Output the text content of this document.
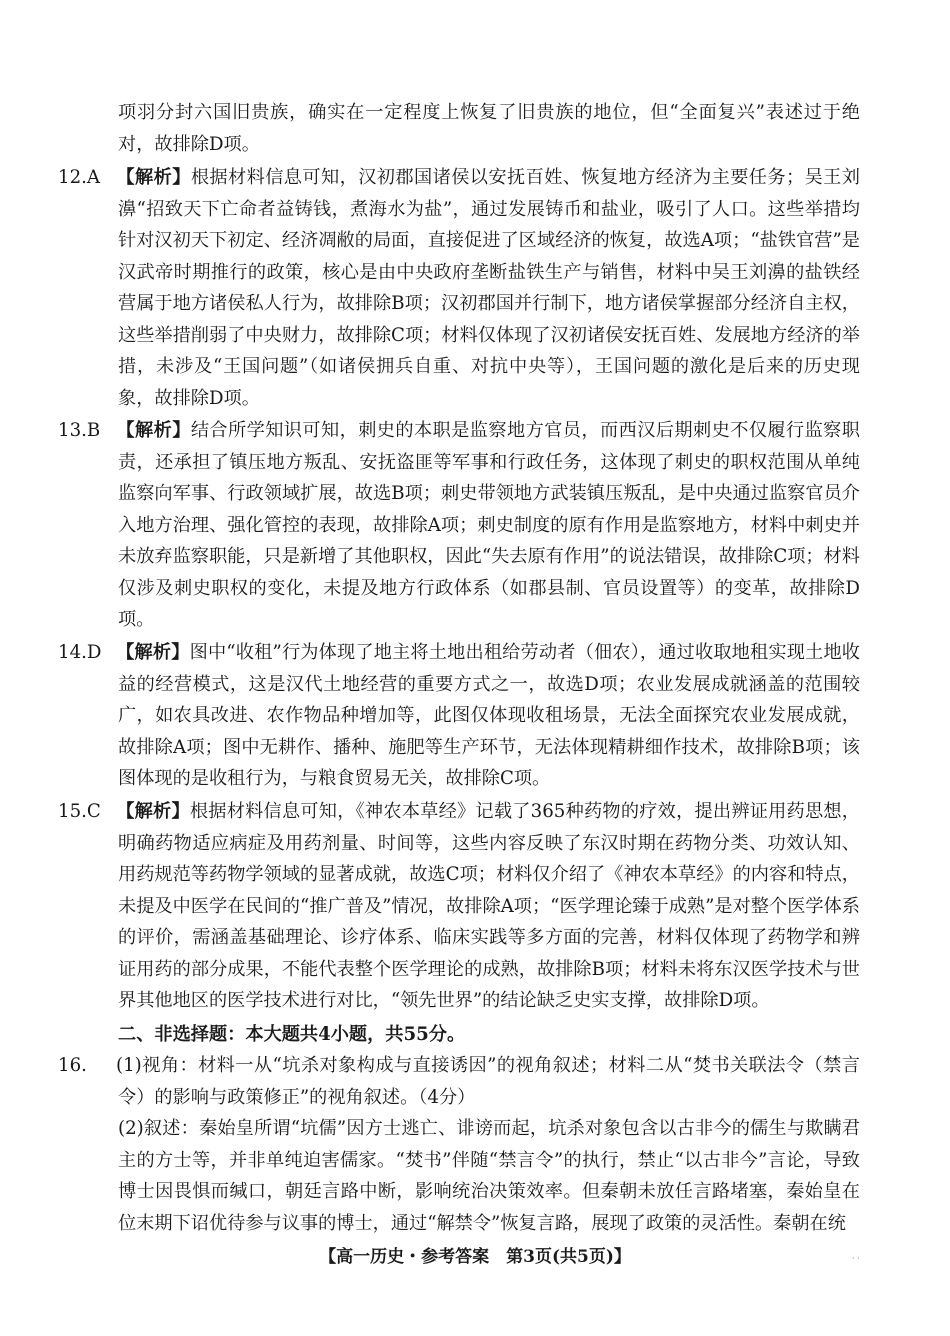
项羽分封六国旧贵族，确实在一定程度上恢复了旧贵族的地位，但“全面复兴”表述过于绝对，故排除D项。

12.A 【解析】根据材料信息可知，汉初郡国诸侯以安抚百姓、恢复地方经济为主要任务；吴王刘濞“招致天下亡命者益铸钱，煮海水为盐”，通过发展铸币和盐业，吸引了人口。这些举措均针对汉初天下初定、经济凋敝的局面，直接促进了区域经济的恢复，故选A项；“盐铁官营”是汉武帝时期推行的政策，核心是由中央政府垄断盐铁生产与销售，材料中吴王刘濞的盐铁经营属于地方诸侯私人行为，故排除B项；汉初郡国并行制下，地方诸侯掌握部分经济自主权，这些举措削弱了中央财力，故排除C项；材料仅体现了汉初诸侯安抚百姓、发展地方经济的举措，未涉及“王国问题”（如诸侯拥兵自重、对抗中央等），王国问题的激化是后来的历史现象，故排除D项。
13.B 【解析】结合所学知识可知，刺史的本职是监察地方官员，而西汉后期刺史不仅履行监察职责，还承担了镇压地方叛乱、安抚盗匪等军事和行政任务，这体现了刺史的职权范围从单纯监察向军事、行政领域扩展，故选B项；刺史带领地方武装镇压叛乱，是中央通过监察官员介入地方治理、强化管控的表现，故排除A项；刺史制度的原有作用是监察地方，材料中刺史并未放弃监察职能，只是新增了其他职权，因此“失去原有作用”的说法错误，故排除C项；材料仅涉及刺史职权的变化，未提及地方行政体系（如郡县制、官员设置等）的变革，故排除D项。
14.D 【解析】图中“收租”行为体现了地主将土地出租给劳动者（佃农），通过收取地租实现土地收益的经营模式，这是汉代土地经营的重要方式之一，故选D项；农业发展成就涵盖的范围较广，如农具改进、农作物品种增加等，此图仅体现收租场景，无法全面探究农业发展成就，故排除A项；图中无耕作、播种、施肥等生产环节，无法体现精耕细作技术，故排除B项；该图体现的是收租行为，与粮食贸易无关，故排除C项。
15.C 【解析】根据材料信息可知，《神农本草经》记载了365种药物的疗效，提出辨证用药思想，明确药物适应病症及用药剂量、时间等，这些内容反映了东汉时期在药物分类、功效认知、用药规范等药物学领域的显著成就，故选C项；材料仅介绍了《神农本草经》的内容和特点，未提及中医学在民间的“推广普及”情况，故排除A项；“医学理论臻于成熟”是对整个医学体系的评价，需涵盖基础理论、诊疗体系、临床实践等多方面的完善，材料仅体现了药物学和辨证用药的部分成果，不能代表整个医学理论的成熟，故排除B项；材料未将东汉医学技术与世界其他地区的医学技术进行对比，“领先世界”的结论缺乏史实支撑，故排除D项。

二、非选择题：本大题共4小题，共55分。

16. (1)视角：材料一从“坑杀对象构成与直接诱因”的视角叙述；材料二从“焚书关联法令（禁言令）的影响与政策修正”的视角叙述。（4分）
(2)叙述：秦始皇所谓“坑儒”因方士逃亡、诽谤而起，坑杀对象包含以古非今的儒生与欺瞒君主的方士等，并非单纯迫害儒家。“焚书”伴随“禁言令”的执行，禁止“以古非今”言论，导致博士因畏惧而缄口，朝廷言路中断，影响统治决策效率。但秦朝未放任言路堵塞，秦始皇在位末期下诏优待参与议事的博士，通过“解禁令”恢复言路，展现了政策的灵活性。秦朝在统
【高一历史・参考答案　第3页(共5页)】	· ·
